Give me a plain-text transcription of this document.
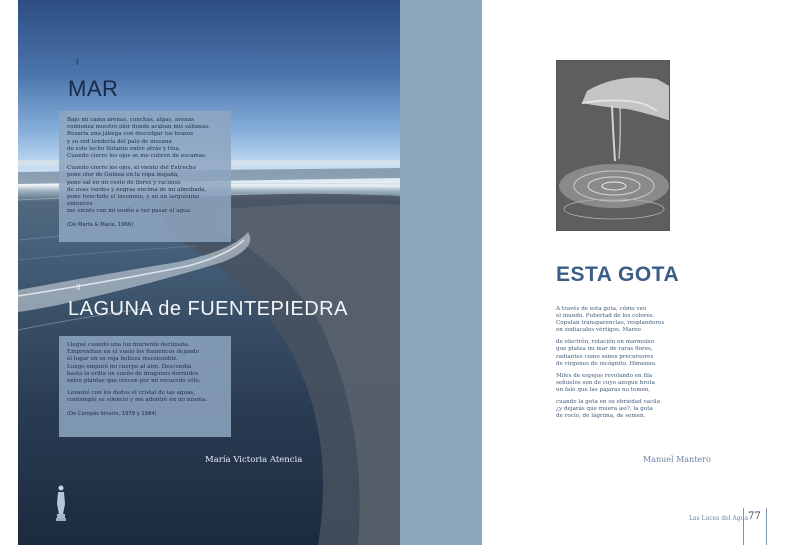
I
MAR

Bajo mi cama arenas, conchas, algas, arenas
comienza nuestro olor donde acaban mis sábanas.
Rozaría una jábega con descolgar los brazos
y su red tendería del palo de mesana
de este lecho flotante entre atrás y tina.
Cuando cierro los ojos se me cubren de escamas.

Cuando cierro los ojos, el viento del Estrecho
pone olor de Guinea en la ropa mojada,
pone sal en un cesto de flores y racimos
de uvas verdes y negras encima de mi almohada,
pone henchido el insomnio, y en un larguísimo entonces
me siento con mi sueño a ver pasar el agua.

(De Marta & María, 1966)

II
LAGUNA de FUENTEPIEDRA

Llegué cuando una luz muriente declinaba.
Emprendían en el vuelo los flamencos dejando
el lugar en su roja belleza insostenible.
Luego empuré mi cuerpo al aire. Descendía
hasta la orilla un sueño de dragones dormidos
entre plantas que crecen por mi recuerdo sólo.

Levanté con los dedos el cristal de las aguas,
contemplé su silencio y me adentré en mi misma.

(De Compás binario, 1979 y 1984)

María Victoria Atencia
ESTA GOTA

A través de esta gota, cómo veo
el mundo. Pubertad de los colores.
Copulan transparencias, resplandores
en zodiacales vértigos. Mareo

de electrón, rotación en marmoleo
que platea mi mar de raras flores,
radiantes como senos precursores
de virgenes de incógnito. Himeneo.

Miles de espejos revolando en fila
señuelos son de cuyo azogue brota
un falo que las pájaras no temen,

cuando la gota en su ebriedad vacila
¿y dejarás que muera así?, la gota
de rocío, de lágrima, de semen.

Manuel Mantero
Las Luces del Agua 77
